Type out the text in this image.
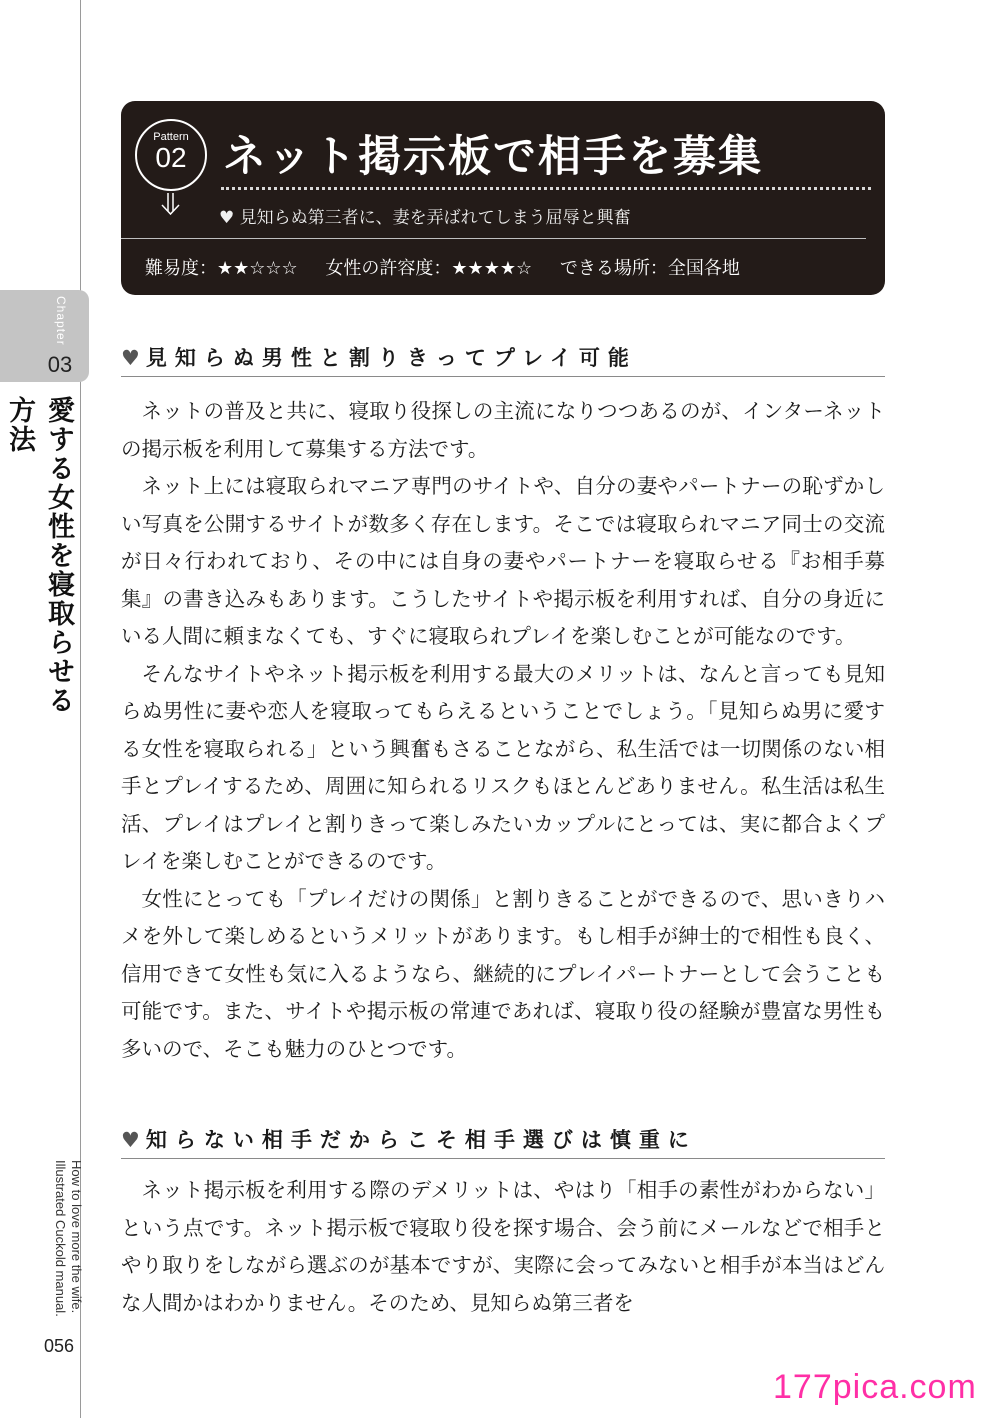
Chapter
03
愛する女性を寝取らせる方法
How to love more the wife.
Illustrated Cuckold manual.
056
Pattern
02 ネット掲示板で相手を募集
♥ 見知らぬ第三者に、妻を弄ばれてしまう屈辱と興奮
難易度：★★☆☆☆ 女性の許容度：★★★★☆ できる場所：全国各地
♥ 見知らぬ男性と割りきってプレイ可能

ネットの普及と共に、寝取り役探しの主流になりつつあるのが、インターネットの掲示板を利用して募集する方法です。

ネット上には寝取られマニア専門のサイトや、自分の妻やパートナーの恥ずかしい写真を公開するサイトが数多く存在します。そこでは寝取られマニア同士の交流が日々行われており、その中には自身の妻やパートナーを寝取らせる『お相手募集』の書き込みもあります。こうしたサイトや掲示板を利用すれば、自分の身近にいる人間に頼まなくても、すぐに寝取られプレイを楽しむことが可能なのです。

そんなサイトやネット掲示板を利用する最大のメリットは、なんと言っても見知らぬ男性に妻や恋人を寝取ってもらえるということでしょう。「見知らぬ男に愛する女性を寝取られる」という興奮もさることながら、私生活では一切関係のない相手とプレイするため、周囲に知られるリスクもほとんどありません。私生活は私生活、プレイはプレイと割りきって楽しみたいカップルにとっては、実に都合よくプレイを楽しむことができるのです。

女性にとっても「プレイだけの関係」と割りきることができるので、思いきりハメを外して楽しめるというメリットがあります。もし相手が紳士的で相性も良く、信用できて女性も気に入るようなら、継続的にプレイパートナーとして会うことも可能です。また、サイトや掲示板の常連であれば、寝取り役の経験が豊富な男性も多いので、そこも魅力のひとつです。

♥ 知らない相手だからこそ相手選びは慎重に

ネット掲示板を利用する際のデメリットは、やはり「相手の素性がわからない」という点です。ネット掲示板で寝取り役を探す場合、会う前にメールなどで相手とやり取りをしながら選ぶのが基本ですが、実際に会ってみないと相手が本当はどんな人間かはわかりません。そのため、見知らぬ第三者を

177pica.com
